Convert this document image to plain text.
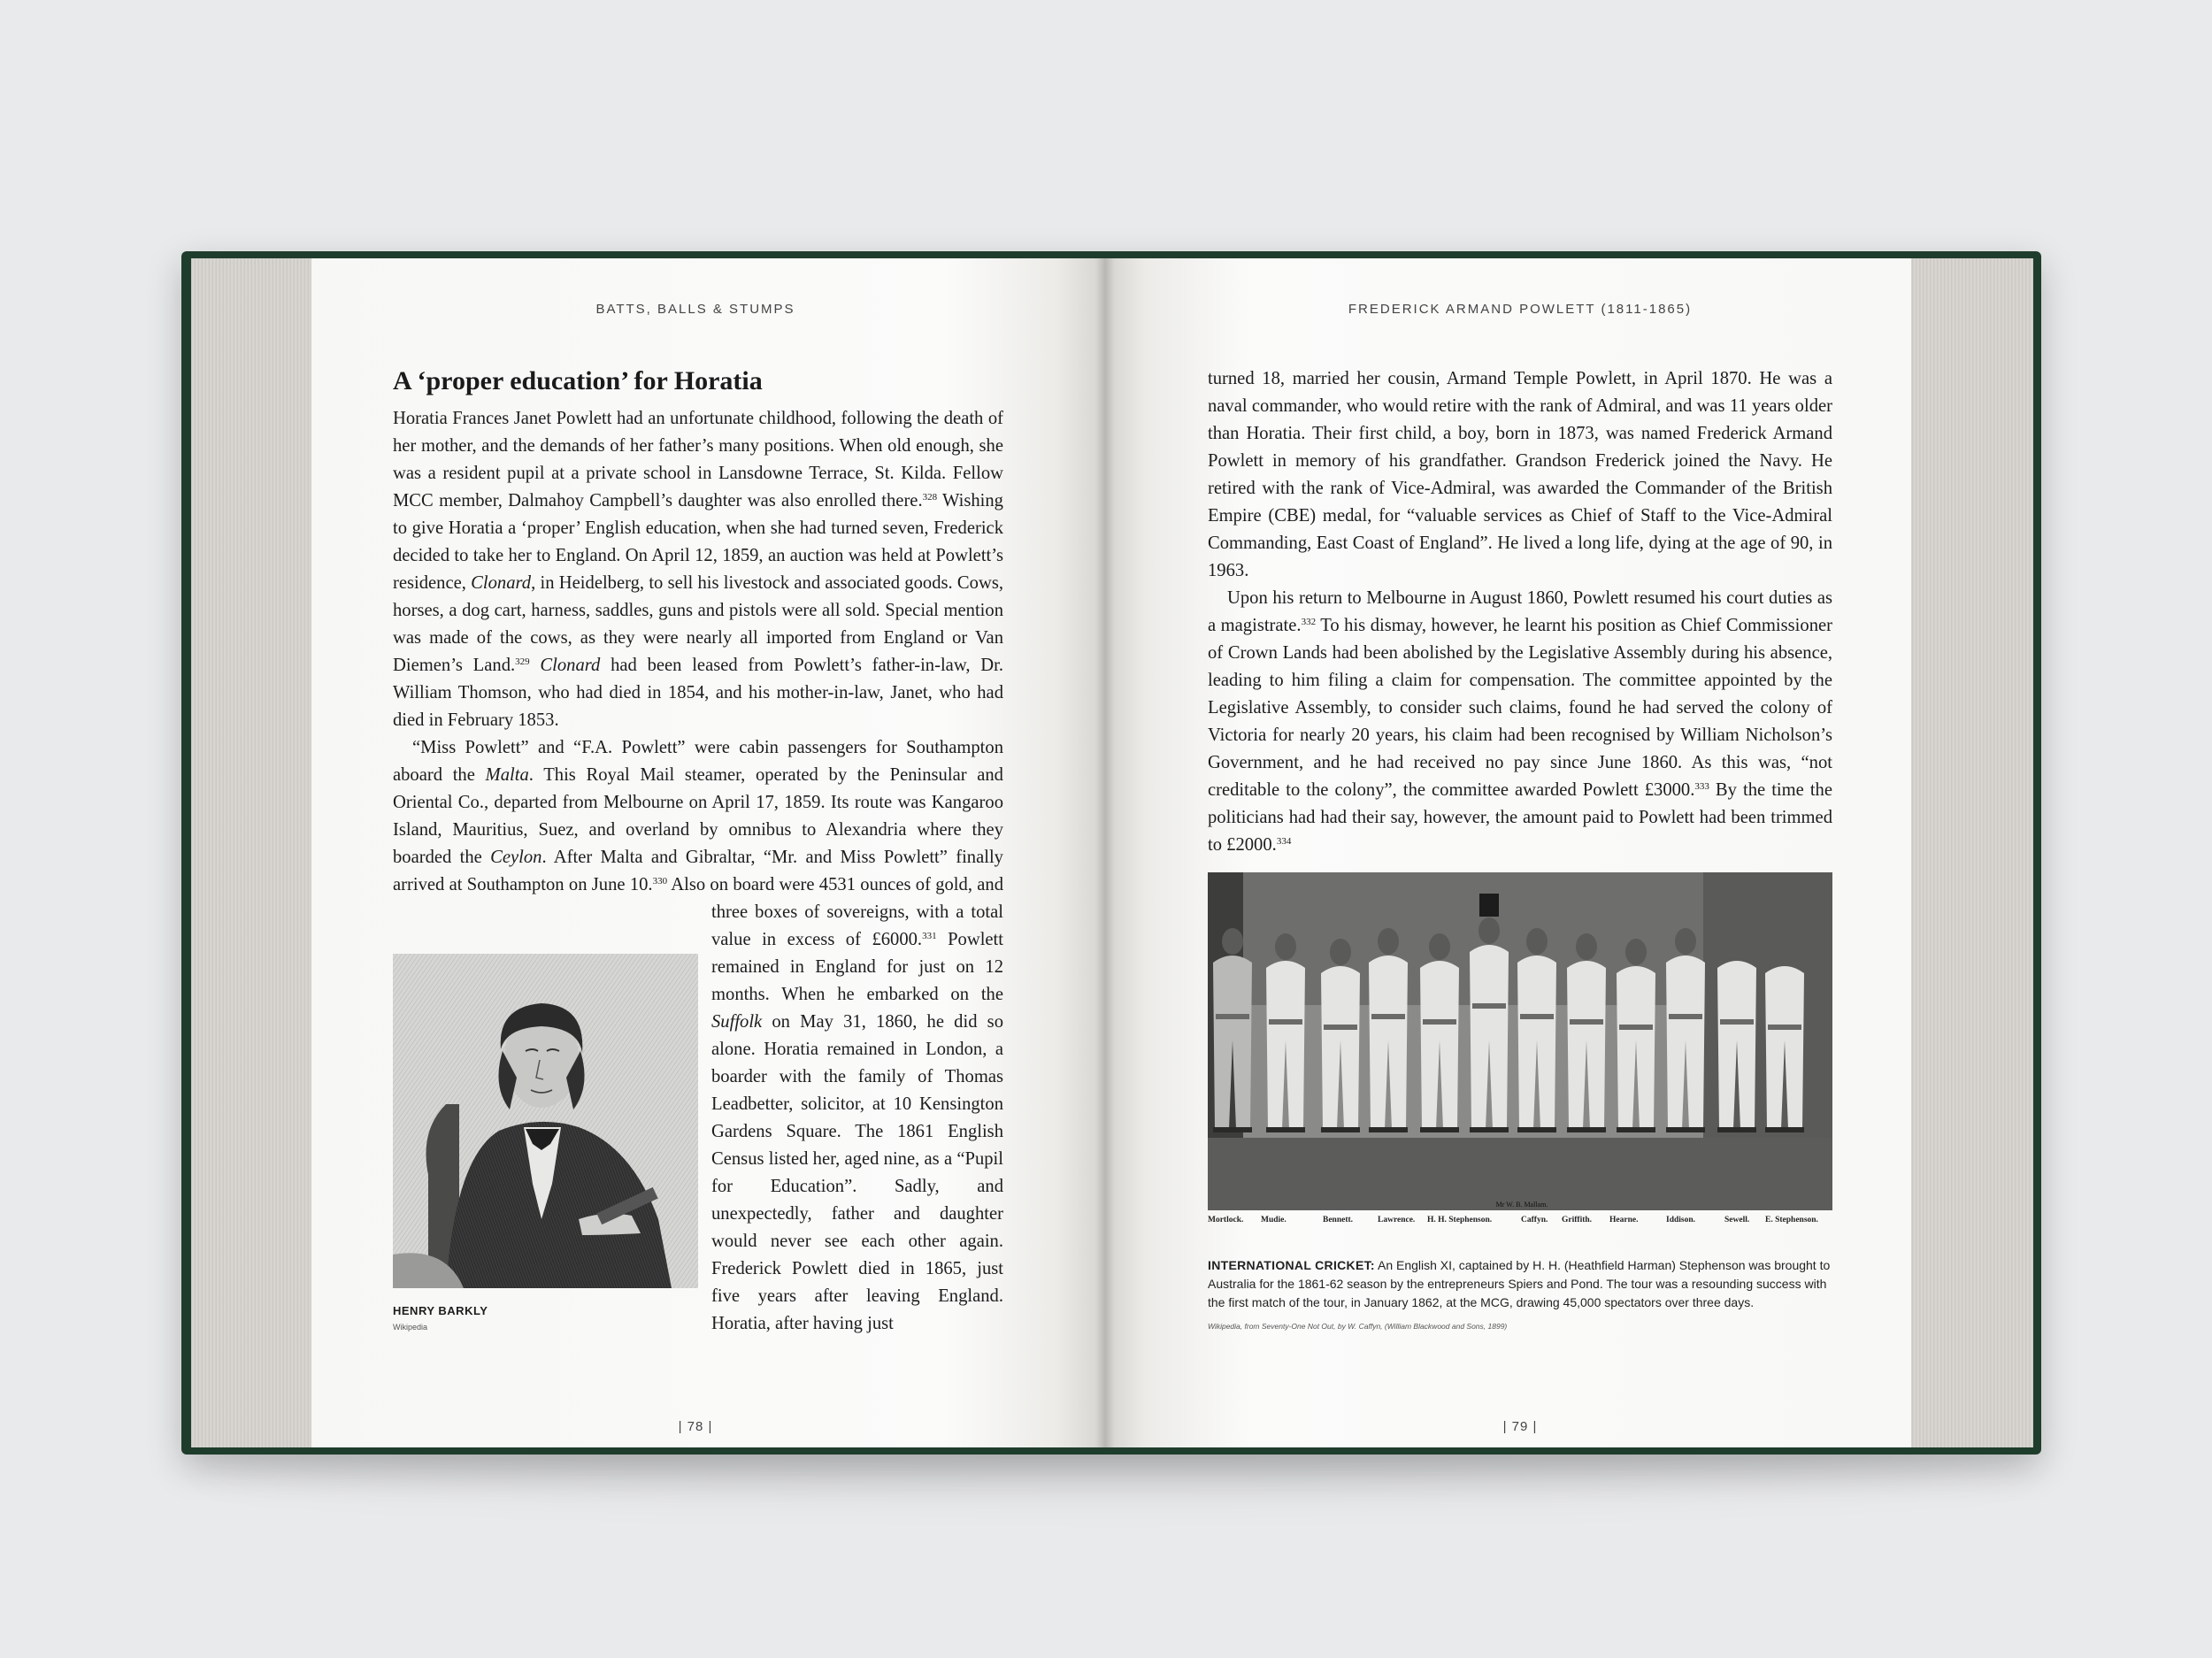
BATTS, BALLS & STUMPS
A ‘proper education’ for Horatia

Horatia Frances Janet Powlett had an unfortunate childhood, following the death of her mother, and the demands of her father’s many positions. When old enough, she was a resident pupil at a private school in Lansdowne Terrace, St. Kilda. Fellow MCC member, Dalmahoy Campbell’s daughter was also enrolled there.$^{328}$ Wishing to give Horatia a ‘proper’ English education, when she had turned seven, Frederick decided to take her to England. On April 12, 1859, an auction was held at Powlett’s residence, Clonard, in Heidelberg, to sell his livestock and associated goods. Cows, horses, a dog cart, harness, saddles, guns and pistols were all sold. Special mention was made of the cows, as they were nearly all imported from England or Van Diemen’s Land.$^{329}$ Clonard had been leased from Powlett’s father-in-law, Dr. William Thomson, who had died in 1854, and his mother-in-law, Janet, who had died in February 1853.

“Miss Powlett” and “F.A. Powlett” were cabin passengers for Southampton aboard the Malta. This Royal Mail steamer, operated by the Peninsular and Oriental Co., departed from Melbourne on April 17, 1859. Its route was Kangaroo Island, Mauritius, Suez, and overland by omnibus to Alexandria where they boarded the Ceylon. After Malta and Gibraltar, “Mr. and Miss Powlett” finally arrived at Southampton on June 10.$^{330}$ Also on board were 4531 ounces of gold, and three boxes of sovereigns, with a total value in excess of £6000.$^{331}$ Powlett remained in England for just on 12 months. When he embarked on the Suffolk on May 31, 1860, he did so alone. Horatia remained in London, a boarder with the family of Thomas Leadbetter, solicitor, at 10 Kensington Gardens Square. The 1861 English Census listed her, aged nine, as a “Pupil for Education”. Sadly, and unexpectedly, father and daughter would never see each other again. Frederick Powlett died in 1865, just five years after leaving England. Horatia, after having just

HENRY BARKLY
Wikipedia
| 78 |
FREDERICK ARMAND POWLETT (1811-1865)

turned 18, married her cousin, Armand Temple Powlett, in April 1870. He was a naval commander, who would retire with the rank of Admiral, and was 11 years older than Horatia. Their first child, a boy, born in 1873, was named Frederick Armand Powlett in memory of his grandfather. Grandson Frederick joined the Navy. He retired with the rank of Vice-Admiral, was awarded the Commander of the British Empire (CBE) medal, for “valuable services as Chief of Staff to the Vice-Admiral Commanding, East Coast of England”. He lived a long life, dying at the age of 90, in 1963.

Upon his return to Melbourne in August 1860, Powlett resumed his court duties as a magistrate.$^{332}$ To his dismay, however, he learnt his position as Chief Commissioner of Crown Lands had been abolished by the Legislative Assembly during his absence, leading to him filing a claim for compensation. The committee appointed by the Legislative Assembly, to consider such claims, found he had served the colony of Victoria for nearly 20 years, his claim had been recognised by William Nicholson’s Government, and he had received no pay since June 1860. As this was, “not creditable to the colony”, the committee awarded Powlett £3000.$^{333}$ By the time the politicians had had their say, however, the amount paid to Powlett had been trimmed to £2000.$^{334}$

Mr W. B. Mallam.
Mortlock. Mudie.	Bennett.	Lawrence. H. H. Stephenson.	Caffyn. Griffith. Hearne.	Iddison.	Sewell. E. Stephenson.
INTERNATIONAL CRICKET: An English XI, captained by H. H. (Heathfield Harman) Stephenson was brought to Australia for the 1861-62 season by the entrepreneurs Spiers and Pond. The tour was a resounding success with the first match of the tour, in January 1862, at the MCG, drawing 45,000 spectators over three days.
Wikipedia, from Seventy-One Not Out, by W. Caffyn, (William Blackwood and Sons, 1899)
| 79 |
